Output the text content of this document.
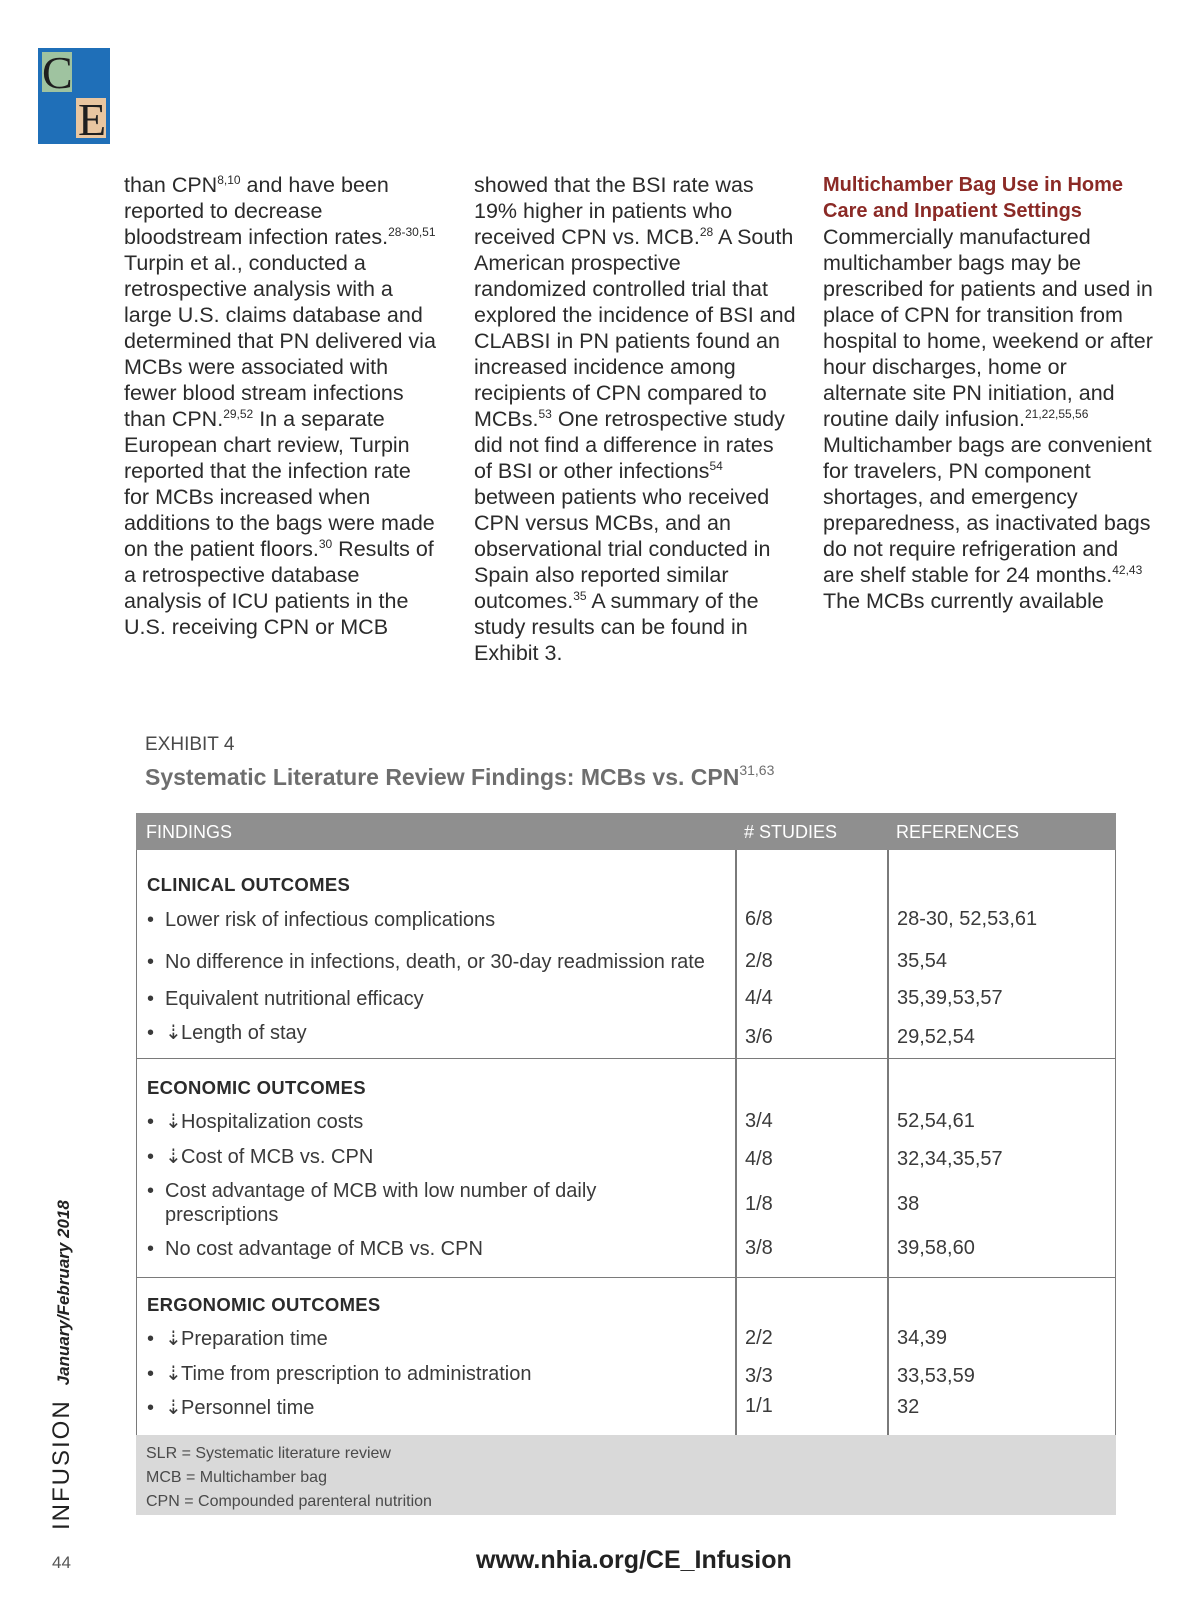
C
E

than CPN$^{8,10}$ and have been reported to decrease bloodstream infection rates.$^{28-30,51}$ Turpin et al., conducted a retrospective analysis with a large U.S. claims database and determined that PN delivered via MCBs were associated with fewer blood stream infections than CPN.$^{29,52}$ In a separate European chart review, Turpin reported that the infection rate for MCBs increased when additions to the bags were made on the patient floors.$^{30}$ Results of a retrospective database analysis of ICU patients in the U.S. receiving CPN or MCB

showed that the BSI rate was 19% higher in patients who received CPN vs. MCB.$^{28}$ A South American prospective randomized controlled trial that explored the incidence of BSI and CLABSI in PN patients found an increased incidence among recipients of CPN compared to MCBs.$^{53}$ One retrospective study did not find a difference in rates of BSI or other infections$^{54}$ between patients who received CPN versus MCBs, and an observational trial conducted in Spain also reported similar outcomes.$^{35}$ A summary of the study results can be found in Exhibit 3.

Multichamber Bag Use in Home Care and Inpatient Settings

Commercially manufactured multichamber bags may be prescribed for patients and used in place of CPN for transition from hospital to home, weekend or after hour discharges, home or alternate site PN initiation, and routine daily infusion.$^{21,22,55,56}$ Multichamber bags are convenient for travelers, PN component shortages, and emergency preparedness, as inactivated bags do not require refrigeration and are shelf stable for 24 months.$^{42,43}$ The MCBs currently available

EXHIBIT 4
Systematic Literature Review Findings: MCBs vs. CPN$^{31,63}$
FINDINGS	# STUDIES	REFERENCES
CLINICAL OUTCOMES
• Lower risk of infectious complications	6/8	28-30, 52,53,61
• No difference in infections, death, or 30-day readmission rate	2/8	35,54
• Equivalent nutritional efficacy	4/4	35,39,53,57
• ⇣Length of stay	3/6	29,52,54
ECONOMIC OUTCOMES
• ⇣Hospitalization costs	3/4	52,54,61
• ⇣Cost of MCB vs. CPN	4/8	32,34,35,57
• Cost advantage of MCB with low number of daily
prescriptions	1/8	38
• No cost advantage of MCB vs. CPN	3/8	39,58,60
ERGONOMIC OUTCOMES
• ⇣Preparation time	2/2	34,39
• ⇣Time from prescription to administration	3/3	33,53,59
• ⇣Personnel time	1/1	32
SLR = Systematic literature review
MCB = Multichamber bag
CPN = Compounded parenteral nutrition
INFUSIONJanuary/February 2018
44	www.nhia.org/CE_Infusion
